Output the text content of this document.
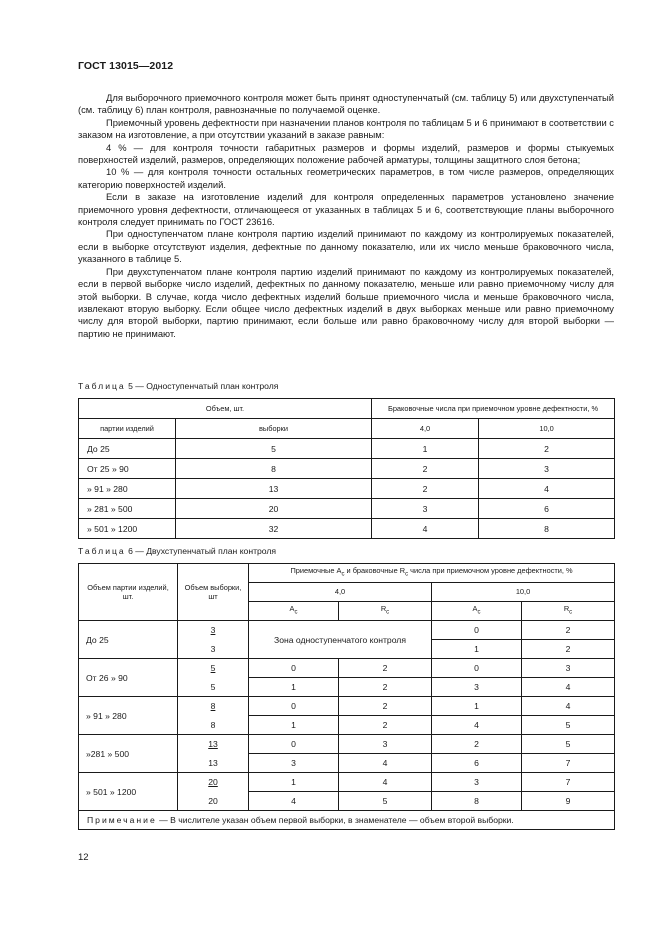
ГОСТ 13015—2012

Для выборочного приемочного контроля может быть принят одноступенчатый (см. таблицу 5) или двухступенчатый (см. таблицу 6) план контроля, равнозначные по получаемой оценке.

Приемочный уровень дефектности при назначении планов контроля по таблицам 5 и 6 принимают в соответствии с заказом на изготовление, а при отсутствии указаний в заказе равным:

4 % — для контроля точности габаритных размеров и формы изделий, размеров и формы стыкуемых поверхностей изделий, размеров, определяющих положение рабочей арматуры, толщины защитного слоя бетона;

10 % — для контроля точности остальных геометрических параметров, в том числе размеров, определяющих категорию поверхностей изделий.

Если в заказе на изготовление изделий для контроля определенных параметров установлено значение приемочного уровня дефектности, отличающееся от указанных в таблицах 5 и 6, соответствующие планы выборочного контроля следует принимать по ГОСТ 23616.

При одноступенчатом плане контроля партию изделий принимают по каждому из контролируемых показателей, если в выборке отсутствуют изделия, дефектные по данному показателю, или их число меньше браковочного числа, указанного в таблице 5.

При двухступенчатом плане контроля партию изделий принимают по каждому из контролируемых показателей, если в первой выборке число изделий, дефектных по данному показателю, меньше или равно приемочному числу для этой выборки. В случае, когда число дефектных изделий больше приемочного числа и меньше браковочного числа, извлекают вторую выборку. Если общее число дефектных изделий в двух выборках меньше или равно приемочному числу для второй выборки, партию принимают, если больше или равно браковочному числу для второй выборки — партию не принимают.

Таблица 5 — Одноступенчатый план контроля
Объем, шт.		Браковочные числа при приемочном уровне дефектности, %	
партии изделий	выборки	4,0	10,0
До 25	5	1	2
От 25 » 90	8	2	3
» 91 » 280	13	2	4
» 281 » 500	20	3	6
» 501 » 1200	32	4	8
Таблица 6 — Двухступенчатый план контроля
Объем партии изделий, шт.	Объем выборки, шт	Приемочные $A_c$ и браковочные $R_c$ числа при приемочном уровне дефектности, %			
		4,0		10,0	
		$A_c$	$R_c$	$A_c$	$R_c$
До 25	3	Зона одноступенчатого контроля		0	2
	3			1	2
От 26 » 90	5	0	2	0	3
	5	1	2	3	4
» 91 » 280	8	0	2	1	4
	8	1	2	4	5
»281 » 500	13	0	3	2	5
	13	3	4	6	7
» 501 » 1200	20	1	4	3	7
	20	4	5	8	9
Примечание — В числителе указан объем первой выборки, в знаменателе — объем второй выборки.					
12
